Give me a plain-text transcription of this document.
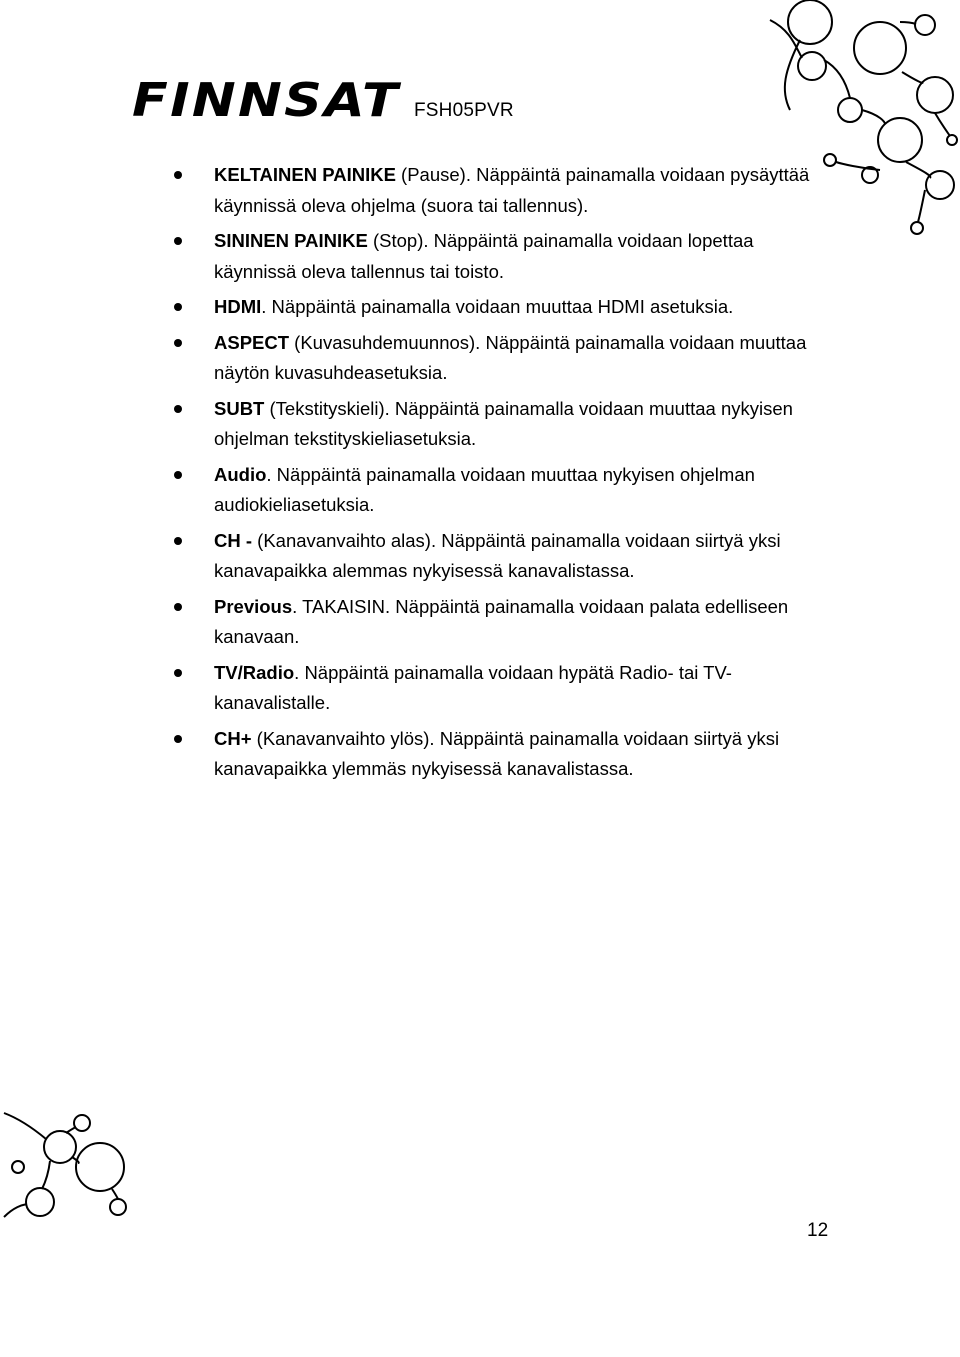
FINNSAT FSH05PVR
KELTAINEN PAINIKE (Pause). Näppäintä painamalla voidaan pysäyttää käynnissä oleva ohjelma (suora tai tallennus).
SININEN PAINIKE (Stop). Näppäintä painamalla voidaan lopettaa käynnissä oleva tallennus tai toisto.
HDMI. Näppäintä painamalla voidaan muuttaa HDMI asetuksia.
ASPECT (Kuvasuhdemuunnos). Näppäintä painamalla voidaan muuttaa näytön kuvasuhdeasetuksia.
SUBT (Tekstityskieli). Näppäintä painamalla voidaan muuttaa nykyisen ohjelman tekstityskieliasetuksia.
Audio. Näppäintä painamalla voidaan muuttaa nykyisen ohjelman audiokieliasetuksia.
CH - (Kanavanvaihto alas). Näppäintä painamalla voidaan siirtyä yksi kanavapaikka alemmas nykyisessä kanavalistassa.
Previous. TAKAISIN. Näppäintä painamalla voidaan palata edelliseen kanavaan.
TV/Radio. Näppäintä painamalla voidaan hypätä Radio- tai TV-kanavalistalle.
CH+ (Kanavanvaihto ylös). Näppäintä painamalla voidaan siirtyä yksi kanavapaikka ylemmäs nykyisessä kanavalistassa.
12
